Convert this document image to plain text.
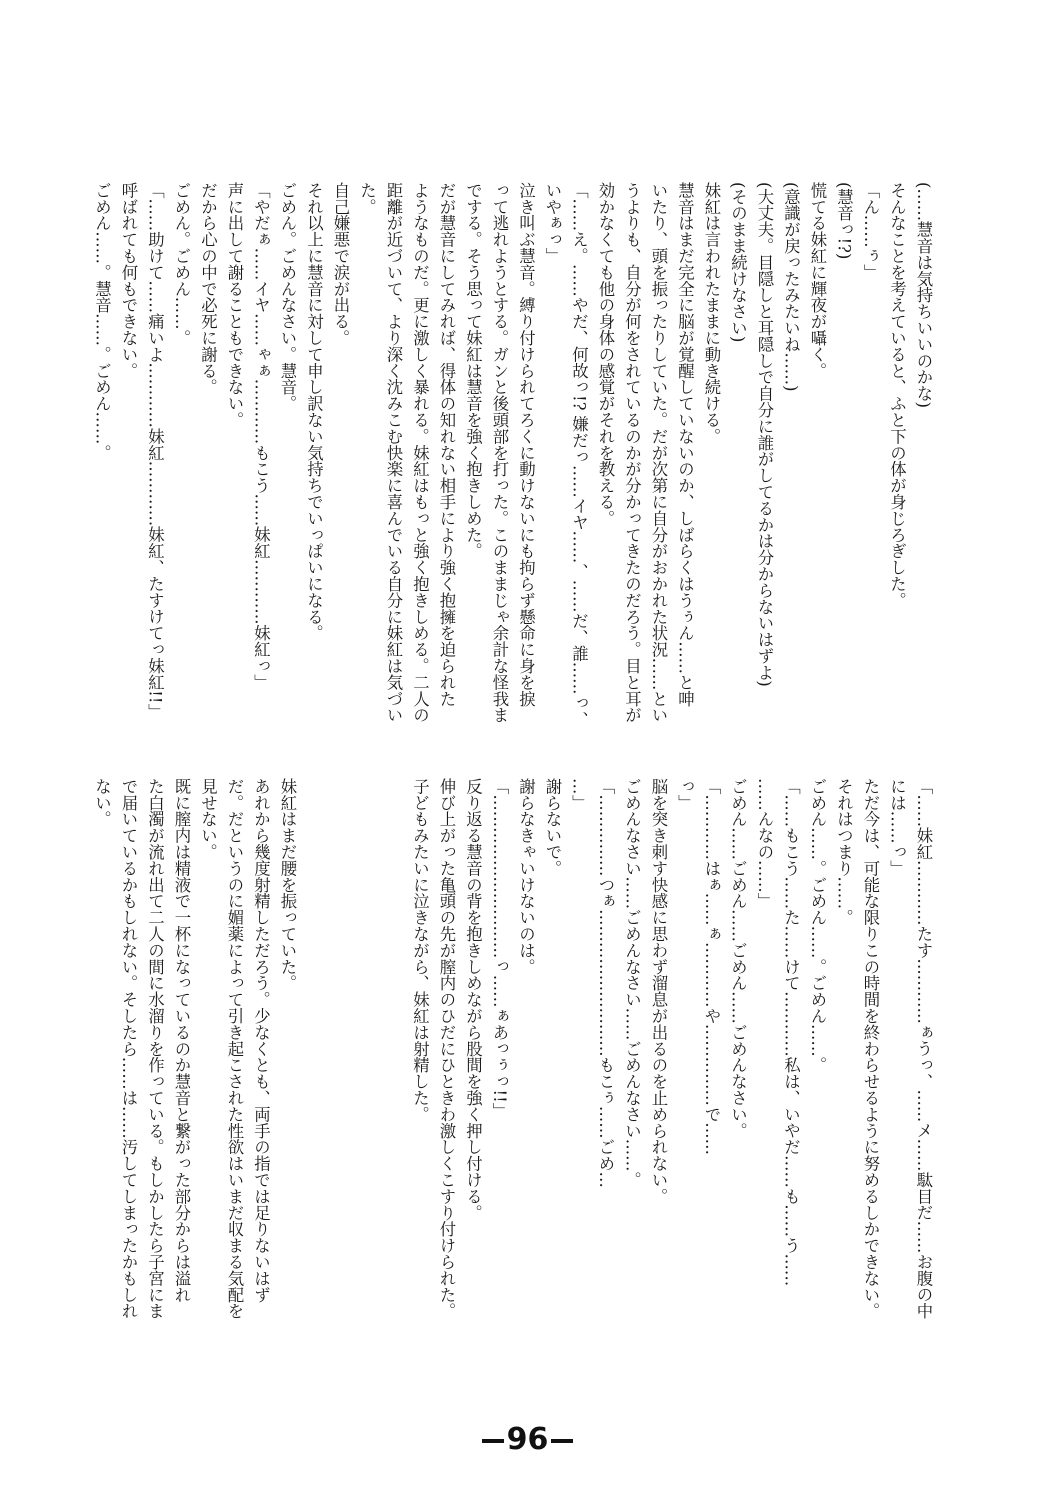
(……慧音は気持ちいいのかな)
そんなことを考えていると、ふと下の体が身じろぎした。
「ん……ぅ」
(慧音っ!?)
慌てる妹紅に輝夜が囁く。
(意識が戻ったみたいね……)
(大丈夫。目隠しと耳隠しで自分に誰がしてるかは分からないはずよ)
(そのまま続けなさい)
妹紅は言われたままに動き続ける。
慧音はまだ完全に脳が覚醒していないのか、しばらくはうぅん……と呻
いたり、頭を振ったりしていた。だが次第に自分がおかれた状況……とい
うよりも、自分が何をされているのかが分かってきたのだろう。目と耳が
効かなくても他の身体の感覚がそれを教える。
「……え。……やだ、何故っ!? 嫌だっ……イヤ……、……だ、誰……っ、
いやぁっ」
泣き叫ぶ慧音。縛り付けられてろくに動けないにも拘らず懸命に身を捩
って逃れようとする。ガンと後頭部を打った。このままじゃ余計な怪我ま
でする。そう思って妹紅は慧音を強く抱きしめた。
だが慧音にしてみれば、得体の知れない相手により強く抱擁を迫られた
ようなものだ。更に激しく暴れる。妹紅はもっと強く抱きしめる。二人の
距離が近づいて、より深く沈みこむ快楽に喜んでいる自分に妹紅は気づい
た。
自己嫌悪で涙が出る。
それ以上に慧音に対して申し訳ない気持ちでいっぱいになる。
ごめん。ごめんなさい。慧音。
「やだぁ……イヤ……ゃぁ…………もこう……妹紅…………妹紅っ」
声に出して謝ることもできない。
だから心の中で必死に謝る。
ごめん。ごめん……。
「……助けて……痛いよ…………妹紅…………妹紅、たすけてっ妹紅!!」
呼ばれても何もできない。
ごめん……。慧音……。ごめん……。
「……妹紅…………たす…………ぁうっ、……メ……駄目だ……お腹の中
には……っ」
ただ今は、可能な限りこの時間を終わらせるように努めるしかできない。
それはつまり……。
ごめん……。ごめん……。ごめん……。
「……もこう……た……けて…………私は、いやだ……も……う……
……んなの……」
ごめん……ごめん……ごめん……ごめんなさい。
「…………はぁ……ぁ…………や……………で……
っ」
脳を突き刺す快感に思わず溜息が出るのを止められない。
ごめんなさい……ごめんなさい……ごめんなさい……。
「……………つぁ………………………もこぅ……ごめ…
…」
謝らないで。
謝らなきゃいけないのは。
「…………………………っ……ぁあっぅっ!!」
反り返る慧音の背を抱きしめながら股間を強く押し付ける。
伸び上がった亀頭の先が膣内のひだにひときわ激しくこすり付けられた。
子どもみたいに泣きながら、妹紅は射精した。
妹紅はまだ腰を振っていた。
あれから幾度射精しただろう。少なくとも、両手の指では足りないはず
だ。だというのに媚薬によって引き起こされた性欲はいまだ収まる気配を
見せない。
既に膣内は精液で一杯になっているのか慧音と繋がった部分からは溢れ
た白濁が流れ出て二人の間に水溜りを作っている。もしかしたら子宮にま
で届いているかもしれない。そしたら……は……汚してしまったかもしれ
ない。
96
